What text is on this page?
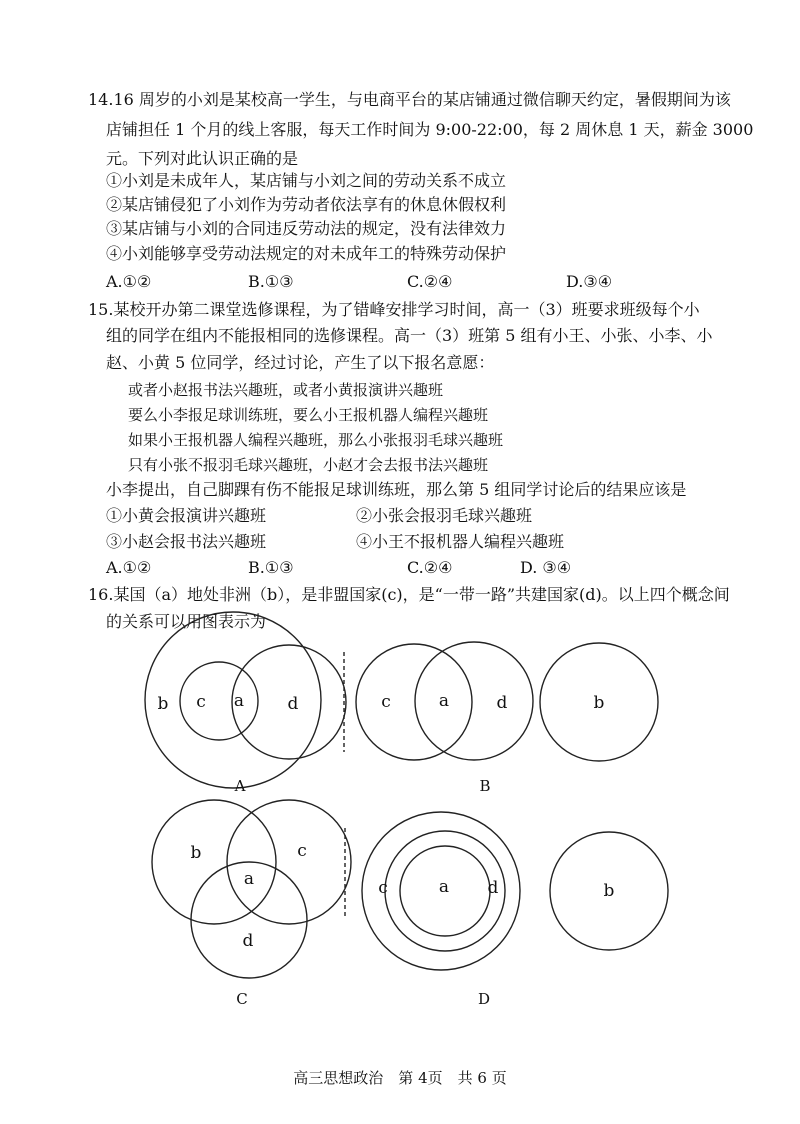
14.16 周岁的小刘是某校高一学生，与电商平台的某店铺通过微信聊天约定，暑假期间为该
店铺担任 1 个月的线上客服，每天工作时间为 9:00-22:00，每 2 周休息 1 天，薪金 3000
元。下列对此认识正确的是
①小刘是未成年人，某店铺与小刘之间的劳动关系不成立
②某店铺侵犯了小刘作为劳动者依法享有的休息休假权利
③某店铺与小刘的合同违反劳动法的规定，没有法律效力
④小刘能够享受劳动法规定的对未成年工的特殊劳动保护
A.①②	B.①③	C.②④	D.③④
15.某校开办第二课堂选修课程，为了错峰安排学习时间，高一（3）班要求班级每个小
组的同学在组内不能报相同的选修课程。高一（3）班第 5 组有小王、小张、小李、小
赵、小黄 5 位同学，经过讨论，产生了以下报名意愿：
或者小赵报书法兴趣班，或者小黄报演讲兴趣班
要么小李报足球训练班，要么小王报机器人编程兴趣班
如果小王报机器人编程兴趣班，那么小张报羽毛球兴趣班
只有小张不报羽毛球兴趣班，小赵才会去报书法兴趣班
小李提出，自己脚踝有伤不能报足球训练班，那么第 5 组同学讨论后的结果应该是
①小黄会报演讲兴趣班	②小张会报羽毛球兴趣班
③小赵会报书法兴趣班	④小王不报机器人编程兴趣班
A.①②	B.①③	C.②④	D. ③④
16.某国（a）地处非洲（b），是非盟国家(c)，是“一带一路”共建国家(d)。以上四个概念间
的关系可以用图表示为
b c a	d
A
c	a	d	b
B
b	c
a
d
C
c	a d	b
D
高三思想政治　第 4页　共 6 页
